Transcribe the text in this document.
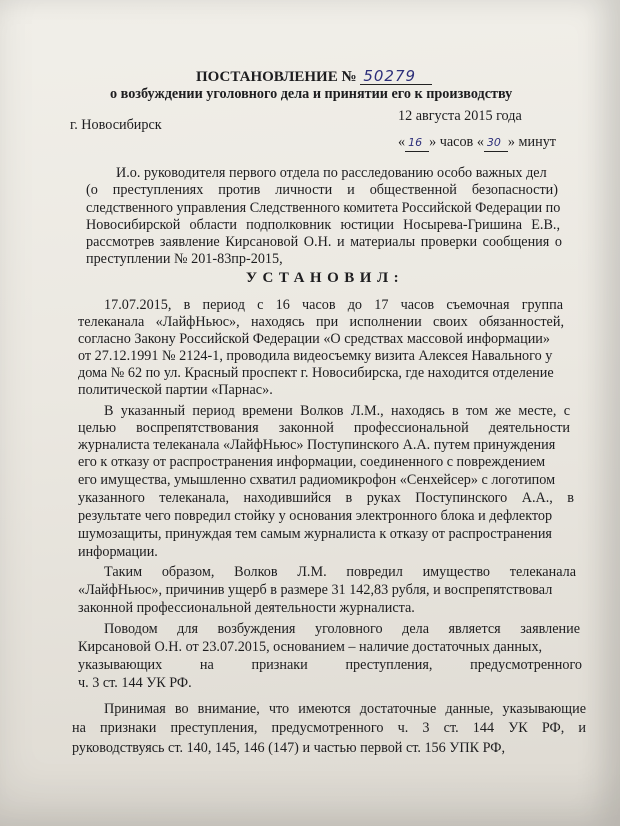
ПОСТАНОВЛЕНИЕ № 50279
о возбуждении уголовного дела и принятии его к производству
г. Новосибирск
12 августа 2015 года
« 16 » часов « 30 » минут
И.о. руководителя первого отдела по расследованию особо важных дел
(о преступлениях против личности и общественной безопасности)
следственного управления Следственного комитета Российской Федерации по
Новосибирской области подполковник юстиции Носырева-Гришина Е.В.,
рассмотрев заявление Кирсановой О.Н. и материалы проверки сообщения о
преступлении № 201-83пр-2015,
УСТАНОВИЛ:
17.07.2015, в период с 16 часов до 17 часов съемочная группа
телеканала «ЛайфНьюс», находясь при исполнении своих обязанностей,
согласно Закону Российской Федерации «О средствах массовой информации»
от 27.12.1991 № 2124-1, проводила видеосъемку визита Алексея Навального у
дома № 62 по ул. Красный проспект г. Новосибирска, где находится отделение
политической партии «Парнас».
В указанный период времени Волков Л.М., находясь в том же месте, с
целью воспрепятствования законной профессиональной деятельности
журналиста телеканала «ЛайфНьюс» Поступинского А.А. путем принуждения
его к отказу от распространения информации, соединенного с повреждением
его имущества, умышленно схватил радиомикрофон «Сенхейсер» с логотипом
указанного телеканала, находившийся в руках Поступинского А.А., в
результате чего повредил стойку у основания электронного блока и дефлектор
шумозащиты, принуждая тем самым журналиста к отказу от распространения
информации.
Таким образом, Волков Л.М. повредил имущество телеканала
«ЛайфНьюс», причинив ущерб в размере 31 142,83 рубля, и воспрепятствовал
законной профессиональной деятельности журналиста.
Поводом для возбуждения уголовного дела является заявление
Кирсановой О.Н. от 23.07.2015, основанием – наличие достаточных данных,
указывающих на признаки преступления, предусмотренного
ч. 3 ст. 144 УК РФ.
Принимая во внимание, что имеются достаточные данные, указывающие
на признаки преступления, предусмотренного ч. 3 ст. 144 УК РФ, и
руководствуясь ст. 140, 145, 146 (147) и частью первой ст. 156 УПК РФ,
